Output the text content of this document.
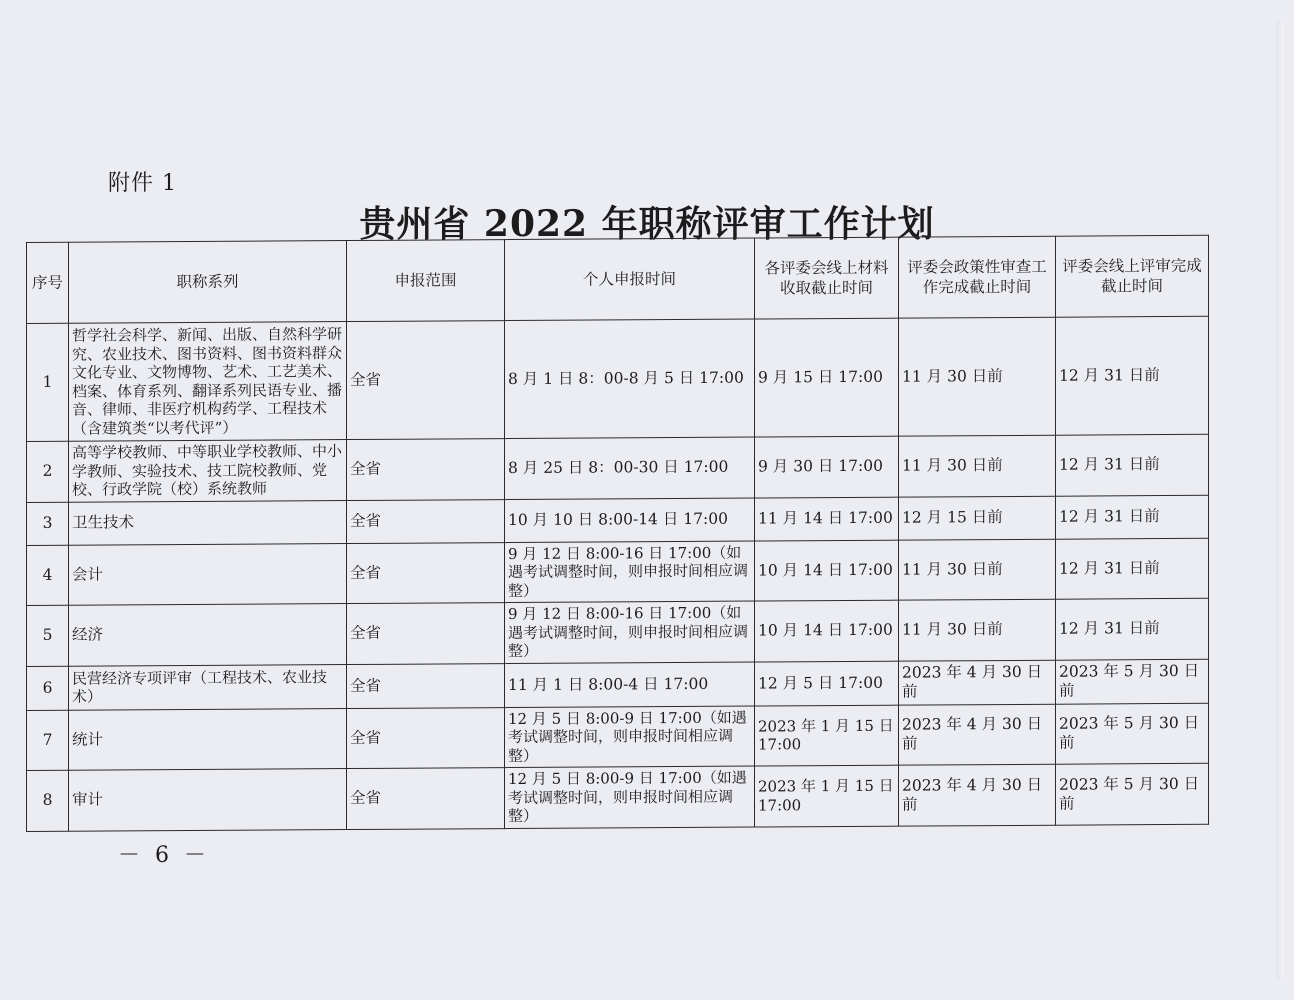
附件 1
贵州省 2022 年职称评审工作计划
序号	职称系列	申报范围	个人申报时间	各评委会线上材料收取截止时间	评委会政策性审查工作完成截止时间	评委会线上评审完成截止时间
1	哲学社会科学、新闻、出版、自然科学研究、农业技术、图书资料、图书资料群众文化专业、文物博物、艺术、工艺美术、档案、体育系列、翻译系列民语专业、播音、律师、非医疗机构药学、工程技术（含建筑类“以考代评”）	全省	8 月 1 日 8：00-8 月 5 日 17:00	9 月 15 日 17:00	11 月 30 日前	12 月 31 日前
2	高等学校教师、中等职业学校教师、中小学教师、实验技术、技工院校教师、党校、行政学院（校）系统教师	全省	8 月 25 日 8：00-30 日 17:00	9 月 30 日 17:00	11 月 30 日前	12 月 31 日前
3	卫生技术	全省	10 月 10 日 8:00-14 日 17:00	11 月 14 日 17:00	12 月 15 日前	12 月 31 日前
4	会计	全省	9 月 12 日 8:00-16 日 17:00（如遇考试调整时间，则申报时间相应调整）	10 月 14 日 17:00	11 月 30 日前	12 月 31 日前
5	经济	全省	9 月 12 日 8:00-16 日 17:00（如遇考试调整时间，则申报时间相应调整）	10 月 14 日 17:00	11 月 30 日前	12 月 31 日前
6	民营经济专项评审（工程技术、农业技术）	全省	11 月 1 日 8:00-4 日 17:00	12 月 5 日 17:00	2023 年 4 月 30 日前	2023 年 5 月 30 日前
7	统计	全省	12 月 5 日 8:00-9 日 17:00（如遇考试调整时间，则申报时间相应调整）	2023 年 1 月 15 日 17:00	2023 年 4 月 30 日前	2023 年 5 月 30 日前
8	审计	全省	12 月 5 日 8:00-9 日 17:00（如遇考试调整时间，则申报时间相应调整）	2023 年 1 月 15 日 17:00	2023 年 4 月 30 日前	2023 年 5 月 30 日前
－ 6 －
